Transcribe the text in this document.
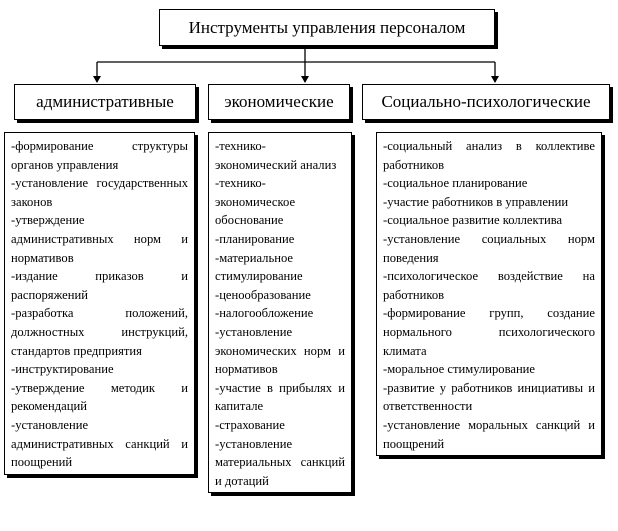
Инструменты управления персоналом
административные	экономические	Социально-психологические
-формирование структуры органов управления
-установление государственных законов
-утверждение административных норм и нормативов
-издание приказов и распоряжений
-разработка положений, должностных инструкций, стандартов предприятия
-инструктирование
-утверждение методик и рекомендаций
-установление административных санкций и поощрений
-технико-экономический анализ
-технико-экономическое обоснование
-планирование
-материальное стимулирование
-ценообразование
-налогообложение
-установление экономических норм и нормативов
-участие в прибылях и капитале
-страхование
-установление материальных санкций и дотаций
-социальный анализ в коллективе работников
-социальное планирование
-участие работников в управлении
-социальное развитие коллектива
-установление социальных норм поведения
-психологическое воздействие на работников
-формирование групп, создание нормального психологического климата
-моральное стимулирование
-развитие у работников инициативы и ответственности
-установление моральных санкций и поощрений
